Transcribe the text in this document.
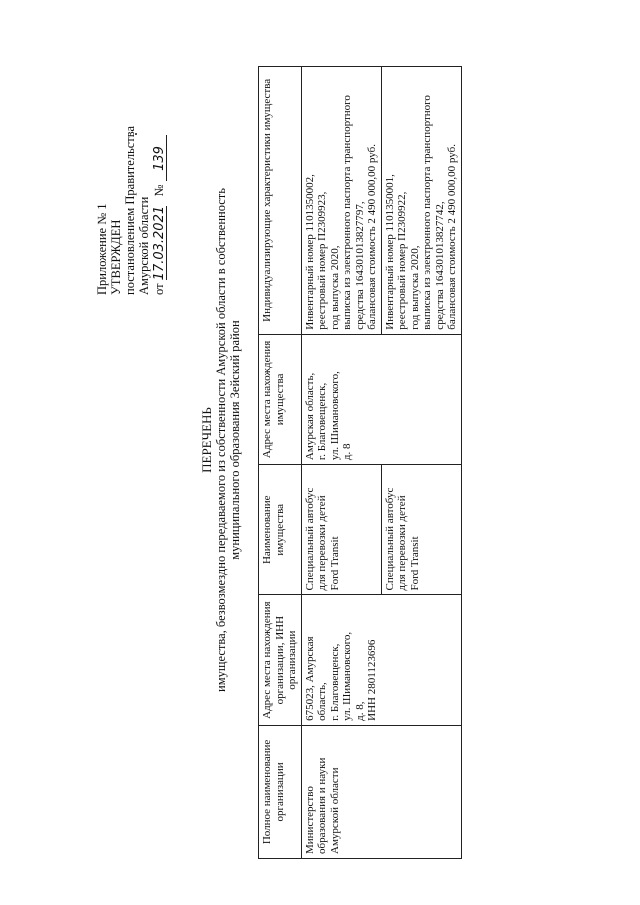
Приложение № 1 УТВЕРЖДЕН постановлением Правительства Амурской области от 17.03.2021   № 139
ПЕРЕЧЕНЬ имущества, безвозмездно передаваемого из собственности Амурской области в собственность муниципального образования Зейский район
Полное наименование организации	Адрес места нахождения организации, ИНН организации	Наименование имущества	Адрес места нахождения имущества	Индивидуализирующие характеристики имущества
Министерство образования и науки Амурской области	675023, Амурская область,
г. Благовещенск,
ул. Шимановского,
д. 8,
ИНН 2801123696	Специальный автобус для перевозки детей
Ford Transit	Амурская область,
г. Благовещенск,
ул. Шимановского,
д. 8	Инвентарный номер 1101350002,
реестровый номер П2309923,
год выпуска 2020,
выписка из электронного паспорта транспортного средства 164301013827797,
балансовая стоимость 2 490 000,00 руб.
		Специальный автобус для перевозки детей
Ford Transit		Инвентарный номер 1101350001,
реестровый номер П2309922,
год выпуска 2020,
выписка из электронного паспорта транспортного средства 164301013827742,
балансовая стоимость 2 490 000,00 руб.
